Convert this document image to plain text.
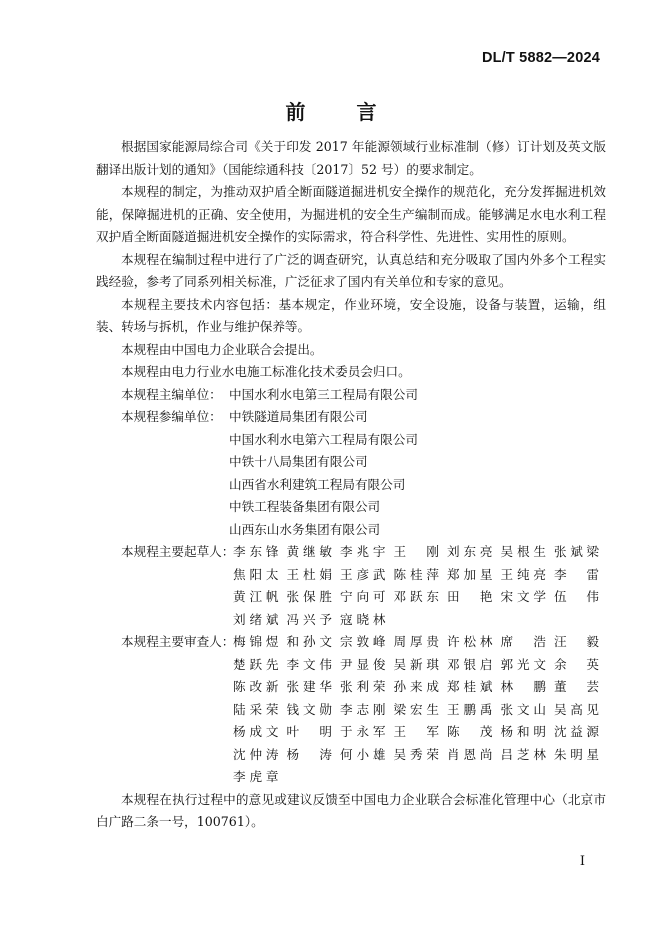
DL/T 5882—2024
前 言

根据国家能源局综合司《关于印发 2017 年能源领域行业标准制（修）订计划及英文版翻译出版计划的通知》（国能综通科技〔2017〕52 号）的要求制定。

本规程的制定，为推动双护盾全断面隧道掘进机安全操作的规范化，充分发挥掘进机效能，保障掘进机的正确、安全使用，为掘进机的安全生产编制而成。能够满足水电水利工程双护盾全断面隧道掘进机安全操作的实际需求，符合科学性、先进性、实用性的原则。

本规程在编制过程中进行了广泛的调查研究，认真总结和充分吸取了国内外多个工程实践经验，参考了同系列相关标准，广泛征求了国内有关单位和专家的意见。

本规程主要技术内容包括：基本规定，作业环境，安全设施，设备与装置，运输，组装、转场与拆机，作业与维护保养等。

本规程由中国电力企业联合会提出。

本规程由电力行业水电施工标准化技术委员会归口。

本规程主编单位： 中国水利水电第三工程局有限公司

本规程参编单位： 中铁隧道局集团有限公司

中国水利水电第六工程局有限公司

中铁十八局集团有限公司

山西省水利建筑工程局有限公司

中铁工程装备集团有限公司

山西东山水务集团有限公司

本规程主要起草人：
李东锋 黄继敏 李兆宇 王　刚 刘东亮 吴根生 张斌梁
焦阳太 王杜娟 王彦武 陈桂萍 郑加星 王纯亮 李　雷
黄江帆 张保胜 宁向可 邓跃东 田　艳 宋文学 伍　伟
刘绪斌 冯兴予 寇晓林
本规程主要审查人：
梅锦煜 和孙文 宗敦峰 周厚贵 许松林 席　浩 汪　毅
楚跃先 李文伟 尹显俊 吴新琪 邓银启 郭光文 余　英
陈改新 张建华 张利荣 孙来成 郑桂斌 林　鹏 董　芸
陆采荣 钱文勋 李志刚 梁宏生 王鹏禹 张文山 吴高见
杨成文 叶　明 于永军 王　军 陈　茂 杨和明 沈益源
沈仲涛 杨　涛 何小雄 吴秀荣 肖恩尚 吕芝林 朱明星
李虎章

本规程在执行过程中的意见或建议反馈至中国电力企业联合会标准化管理中心（北京市白广路二条一号，100761）。

I
